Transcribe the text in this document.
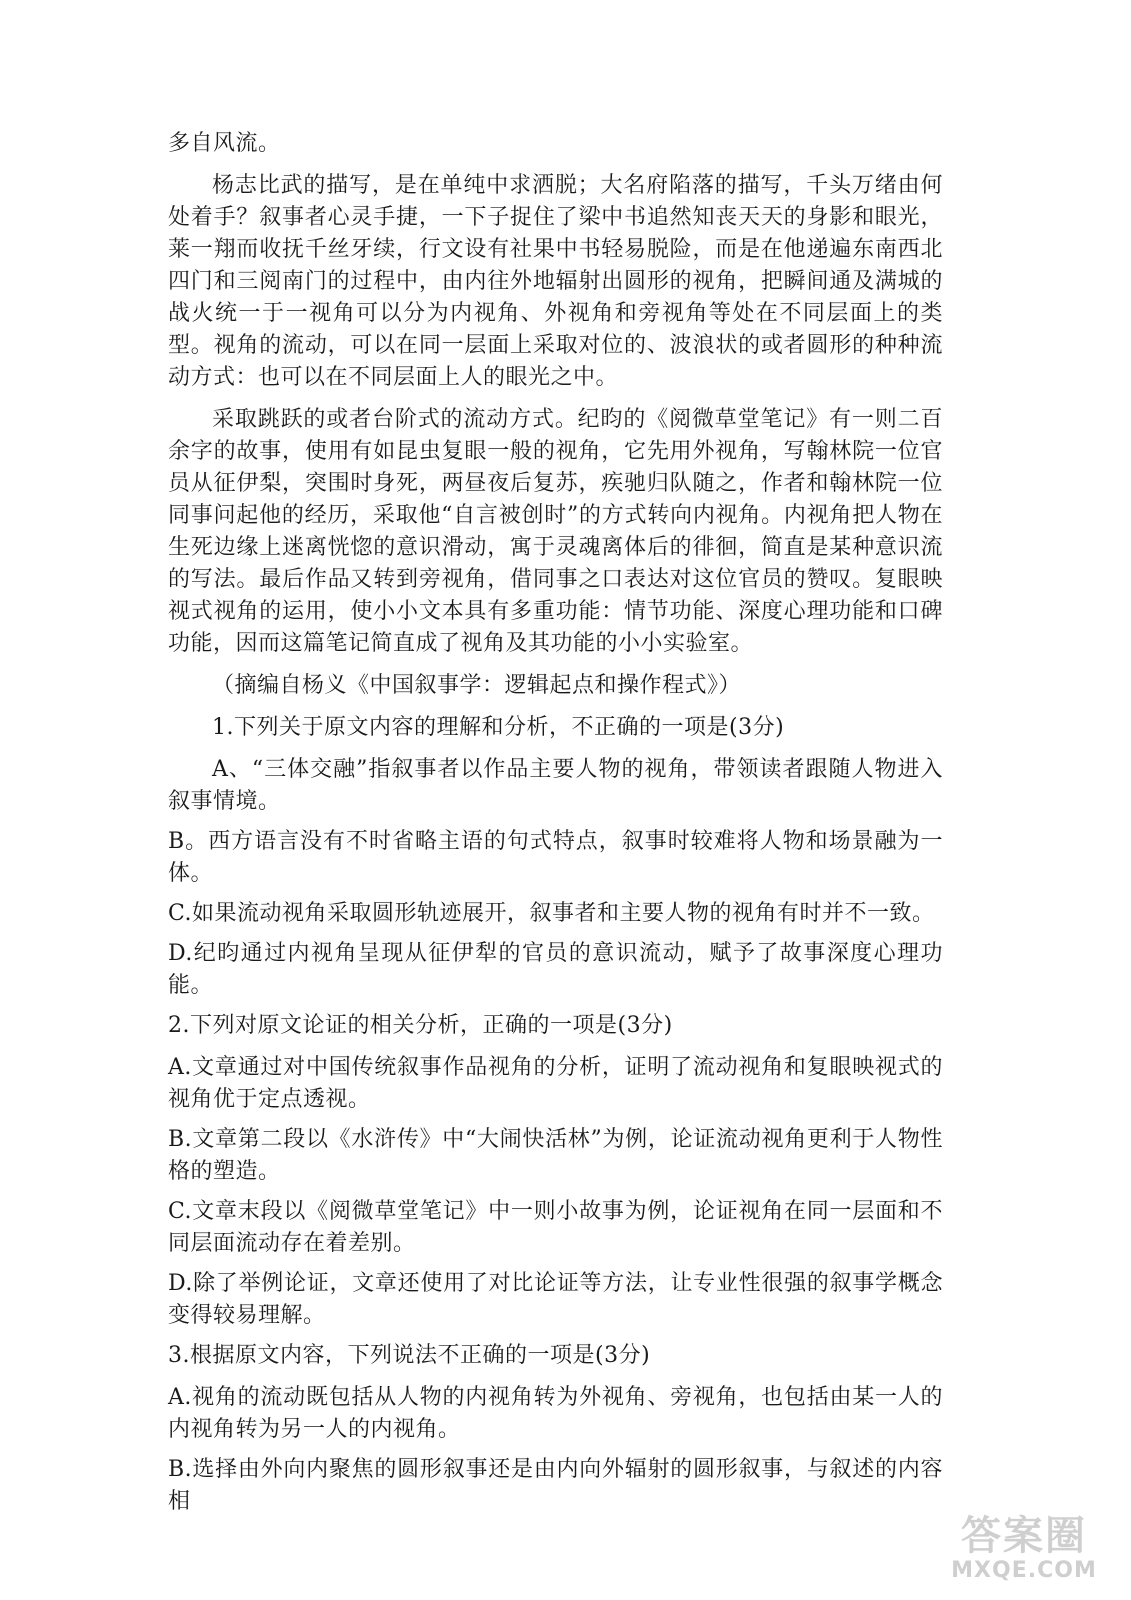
多自风流。

杨志比武的描写，是在单纯中求洒脱；大名府陷落的描写，千头万绪由何处着手？叙事者心灵手捷，一下子捉住了梁中书追然知丧天天的身影和眼光，莱一翔而收抚千丝牙续，行文设有社果中书轻易脱险，而是在他递遍东南西北四门和三阅南门的过程中，由内往外地辐射出圆形的视角，把瞬间通及满城的战火统一于一视角可以分为内视角、外视角和旁视角等处在不同层面上的类型。视角的流动，可以在同一层面上采取对位的、波浪状的或者圆形的种种流动方式：也可以在不同层面上人的眼光之中。

采取跳跃的或者台阶式的流动方式。纪昀的《阅微草堂笔记》有一则二百余字的故事，使用有如昆虫复眼一般的视角，它先用外视角，写翰林院一位官员从征伊梨，突围时身死，两昼夜后复苏，疾驰归队随之，作者和翰林院一位同事问起他的经历，采取他“自言被创时”的方式转向内视角。内视角把人物在生死边缘上迷离恍惚的意识滑动，寓于灵魂离体后的徘徊，简直是某种意识流的写法。最后作品又转到旁视角，借同事之口表达对这位官员的赞叹。复眼映视式视角的运用，使小小文本具有多重功能：情节功能、深度心理功能和口碑功能，因而这篇笔记简直成了视角及其功能的小小实验室。

（摘编自杨义《中国叙事学：逻辑起点和操作程式》）

1.下列关于原文内容的理解和分析，不正确的一项是(3分)

A、“三体交融”指叙事者以作品主要人物的视角，带领读者跟随人物进入叙事情境。

B。西方语言没有不时省略主语的句式特点，叙事时较难将人物和场景融为一体。

C.如果流动视角采取圆形轨迹展开，叙事者和主要人物的视角有时并不一致。

D.纪昀通过内视角呈现从征伊犁的官员的意识流动，赋予了故事深度心理功能。

2.下列对原文论证的相关分析，正确的一项是(3分)

A.文章通过对中国传统叙事作品视角的分析，证明了流动视角和复眼映视式的视角优于定点透视。

B.文章第二段以《水浒传》中“大闹快活林”为例，论证流动视角更利于人物性格的塑造。

C.文章末段以《阅微草堂笔记》中一则小故事为例，论证视角在同一层面和不同层面流动存在着差别。

D.除了举例论证，文章还使用了对比论证等方法，让专业性很强的叙事学概念变得较易理解。

3.根据原文内容，下列说法不正确的一项是(3分)

A.视角的流动既包括从人物的内视角转为外视角、旁视角，也包括由某一人的内视角转为另一人的内视角。

B.选择由外向内聚焦的圆形叙事还是由内向外辐射的圆形叙事，与叙述的内容相

答案圈
MXQE.COM
